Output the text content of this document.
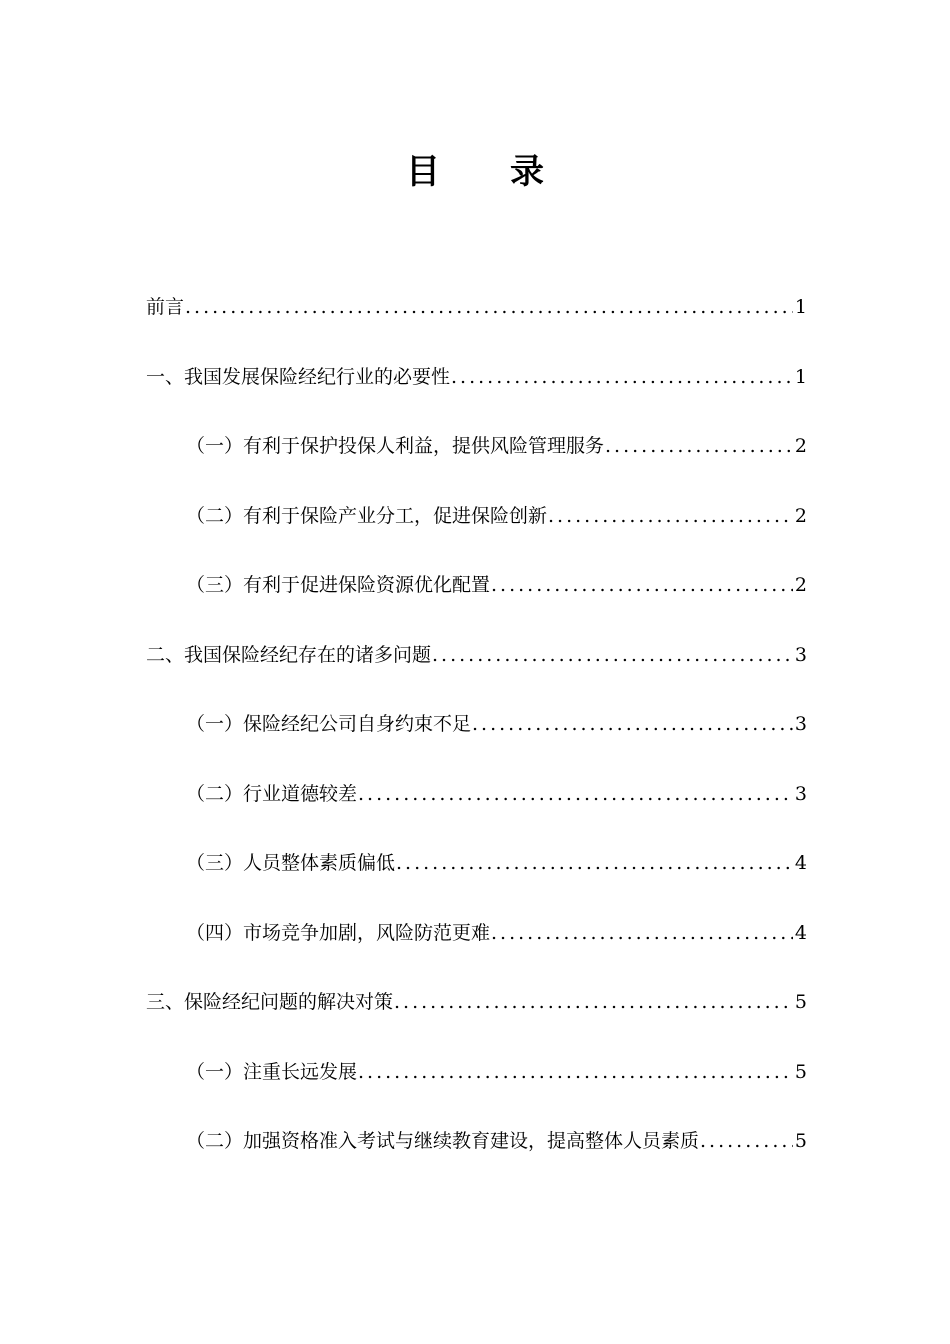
目 录
前言 .....	1
一、我国发展保险经纪行业的必要性 .....	1
（一）有利于保护投保人利益，提供风险管理服务 .....	2
（二）有利于保险产业分工，促进保险创新 .....	2
（三）有利于促进保险资源优化配置 .....	2
二、我国保险经纪存在的诸多问题 .....	3
（一）保险经纪公司自身约束不足 .....	3
（二）行业道德较差 .....	3
（三）人员整体素质偏低 .....	4
（四）市场竞争加剧，风险防范更难 .....	4
三、保险经纪问题的解决对策 .....	5
（一）注重长远发展 .....	5
（二）加强资格准入考试与继续教育建设，提高整体人员素质 .....	5
